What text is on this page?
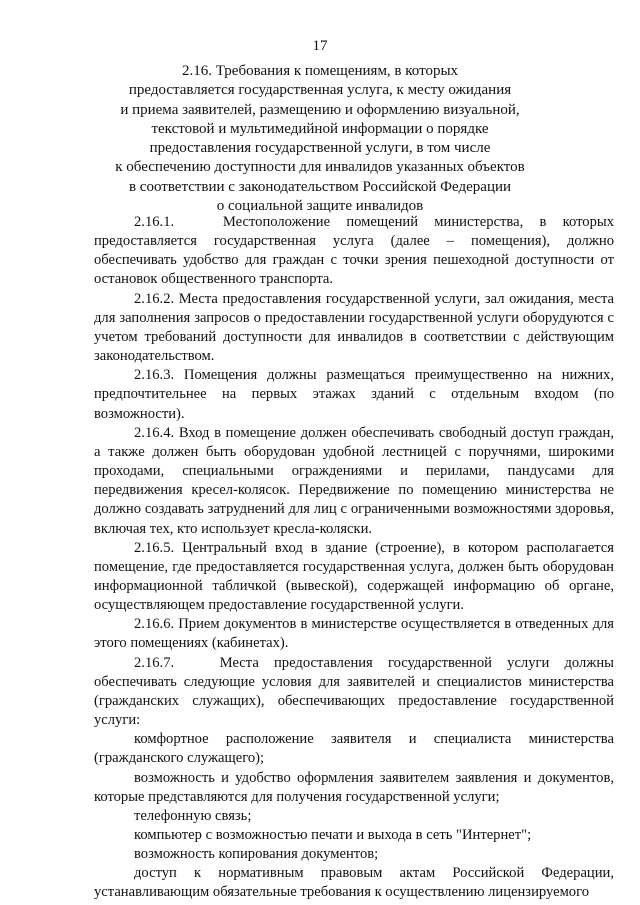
17
2.16. Требования к помещениям, в которых
предоставляется государственная услуга, к месту ожидания
и приема заявителей, размещению и оформлению визуальной,
текстовой и мультимедийной информации о порядке
предоставления государственной услуги, в том числе
к обеспечению доступности для инвалидов указанных объектов
в соответствии с законодательством Российской Федерации
о социальной защите инвалидов

2.16.1.   Местоположение помещений министерства, в которых предоставляется государственная услуга (далее – помещения), должно обеспечивать удобство для граждан с точки зрения пешеходной доступности от остановок общественного транспорта.

2.16.2. Места предоставления государственной услуги, зал ожидания, места для заполнения запросов о предоставлении государственной услуги оборудуются с учетом требований доступности для инвалидов в соответствии с действующим законодательством.

2.16.3. Помещения должны размещаться преимущественно на нижних, предпочтительнее на первых этажах зданий с отдельным входом (по возможности).

2.16.4. Вход в помещение должен обеспечивать свободный доступ граждан, а также должен быть оборудован удобной лестницей с поручнями, широкими проходами, специальными ограждениями и перилами, пандусами для передвижения кресел-колясок. Передвижение по помещению министерства не должно создавать затруднений для лиц с ограниченными возможностями здоровья, включая тех, кто использует кресла-коляски.

2.16.5. Центральный вход в здание (строение), в котором располагается помещение, где предоставляется государственная услуга, должен быть оборудован информационной табличкой (вывеской), содержащей информацию об органе, осуществляющем предоставление государственной услуги.

2.16.6. Прием документов в министерстве осуществляется в отведенных для этого помещениях (кабинетах).

2.16.7.   Места предоставления государственной услуги должны обеспечивать следующие условия для заявителей и специалистов министерства (гражданских служащих), обеспечивающих предоставление государственной услуги:

комфортное расположение заявителя и специалиста министерства (гражданского служащего);

возможность и удобство оформления заявителем заявления и документов, которые представляются для получения государственной услуги;

телефонную связь;

компьютер с возможностью печати и выхода в сеть "Интернет";

возможность копирования документов;

доступ к нормативным правовым актам Российской Федерации, устанавливающим обязательные требования к осуществлению лицензируемого
